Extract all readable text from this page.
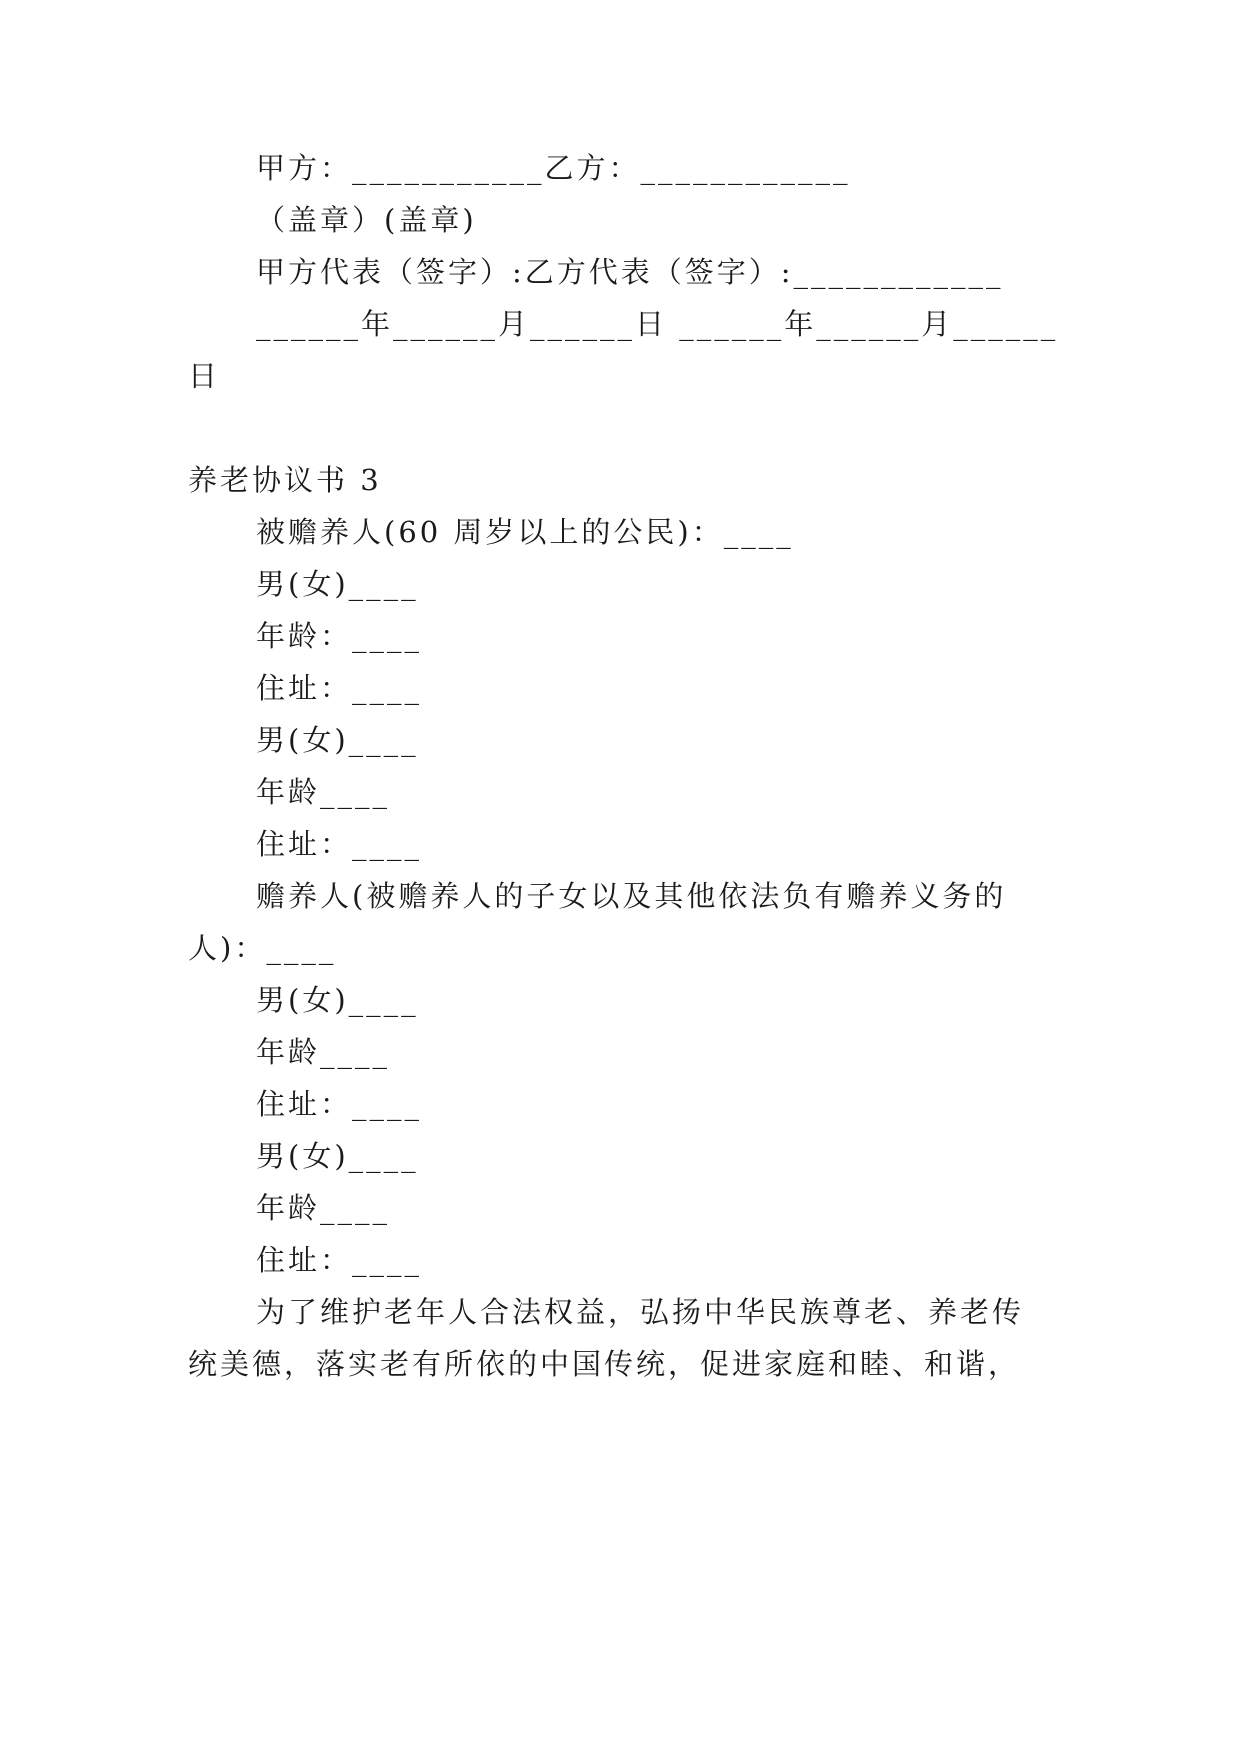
甲方：___________乙方：____________
（盖章）(盖章)
甲方代表（签字）:乙方代表（签字）:____________
______年______月______日 ______年______月______
日
养老协议书 3
被赡养人(60 周岁以上的公民)：____
男(女)____
年龄：____
住址：____
男(女)____
年龄____
住址：____
赡养人(被赡养人的子女以及其他依法负有赡养义务的
人)：____
男(女)____
年龄____
住址：____
男(女)____
年龄____
住址：____
为了维护老年人合法权益，弘扬中华民族尊老、养老传
统美德，落实老有所依的中国传统，促进家庭和睦、和谐，
